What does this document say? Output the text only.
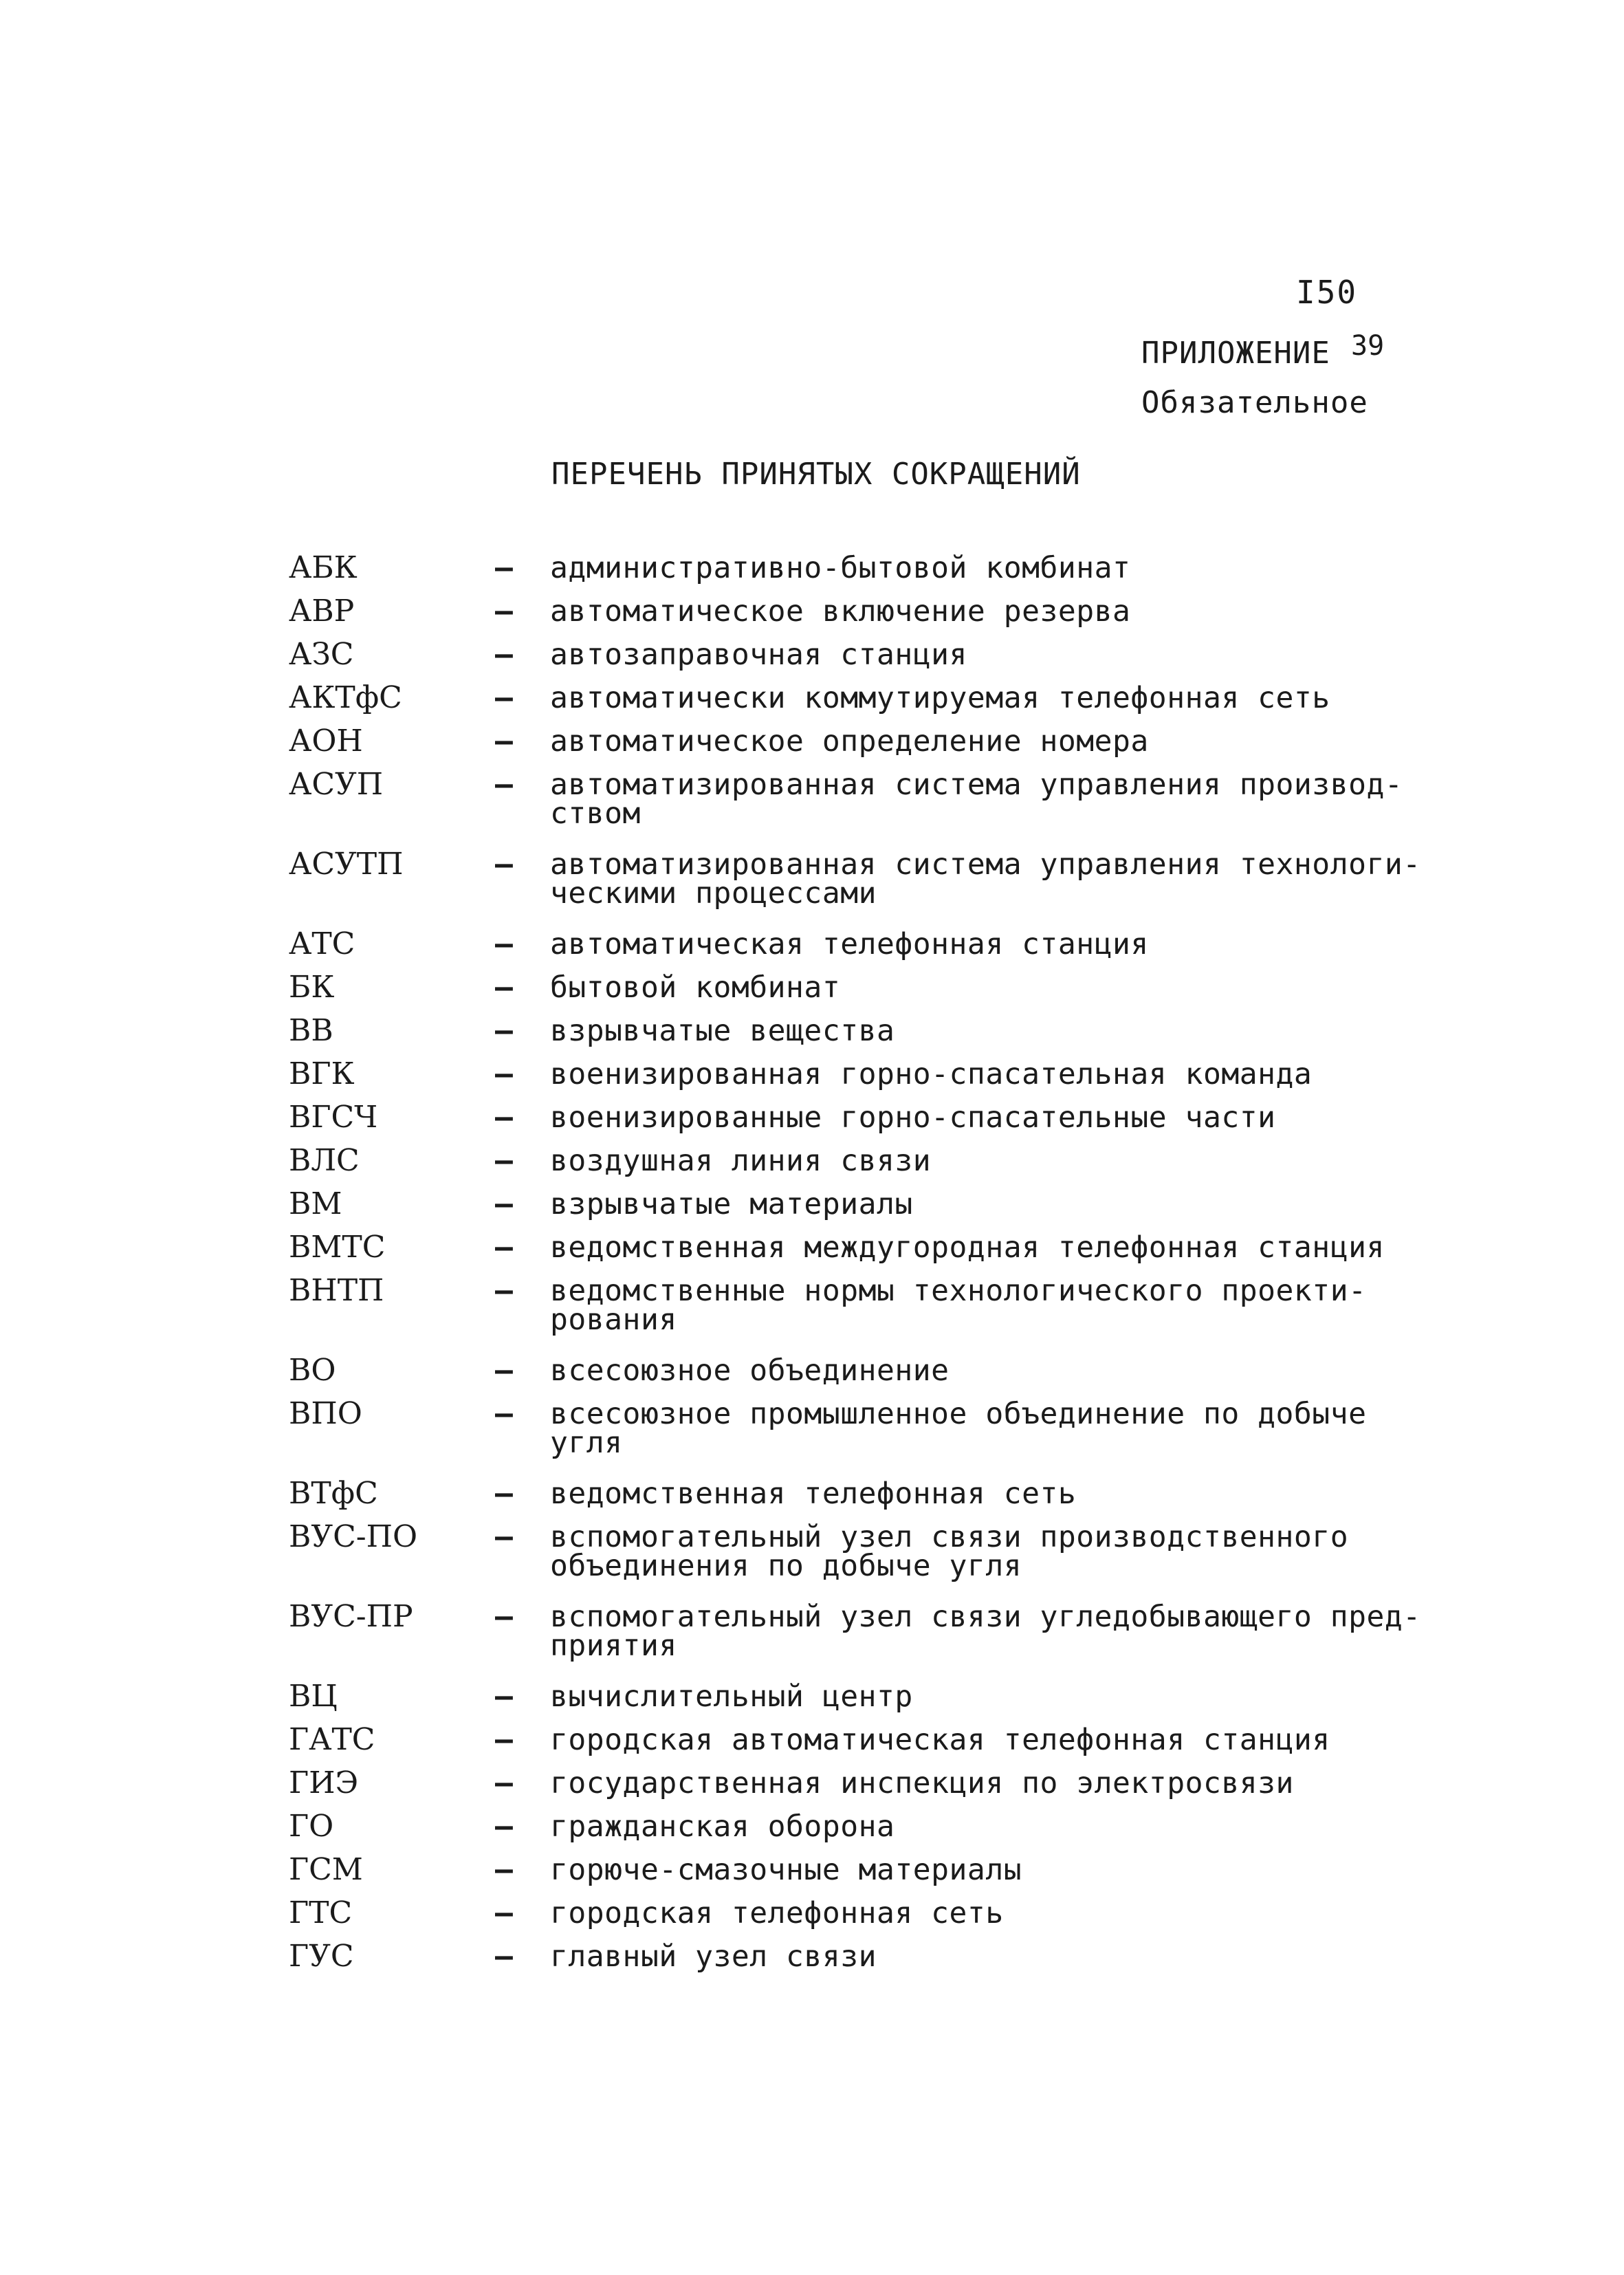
I50
ПРИЛОЖЕНИЕ 39
Обязательное
ПЕРЕЧЕНЬ ПРИНЯТЫХ СОКРАЩЕНИЙ
АБК	–	административно-бытовой комбинат
АВР	–	автоматическое включение резерва
АЗС	–	автозаправочная станция
АКТфС	–	автоматически коммутируемая телефонная сеть
АОН	–	автоматическое определение номера
АСУП	–	автоматизированная система управления производ-
ством
АСУТП	–	автоматизированная система управления технологи-
ческими процессами
АТС	–	автоматическая телефонная станция
БК	–	бытовой комбинат
ВВ	–	взрывчатые вещества
ВГК	–	военизированная горно-спасательная команда
ВГСЧ	–	военизированные горно-спасательные части
ВЛС	–	воздушная линия связи
ВМ	–	взрывчатые материалы
ВМТС	–	ведомственная междугородная телефонная станция
ВНТП	–	ведомственные нормы технологического проекти-
рования
ВО	–	всесоюзное объединение
ВПО	–	всесоюзное промышленное объединение по добыче
угля
ВТфС	–	ведомственная телефонная сеть
ВУС-ПО	–	вспомогательный узел связи производственного
объединения по добыче угля
ВУС-ПР	–	вспомогательный узел связи угледобывающего пред-
приятия
ВЦ	–	вычислительный центр
ГАТС	–	городская автоматическая телефонная станция
ГИЭ	–	государственная инспекция по электросвязи
ГО	–	гражданская оборона
ГСМ	–	горюче-смазочные материалы
ГТС	–	городская телефонная сеть
ГУС	–	главный узел связи
